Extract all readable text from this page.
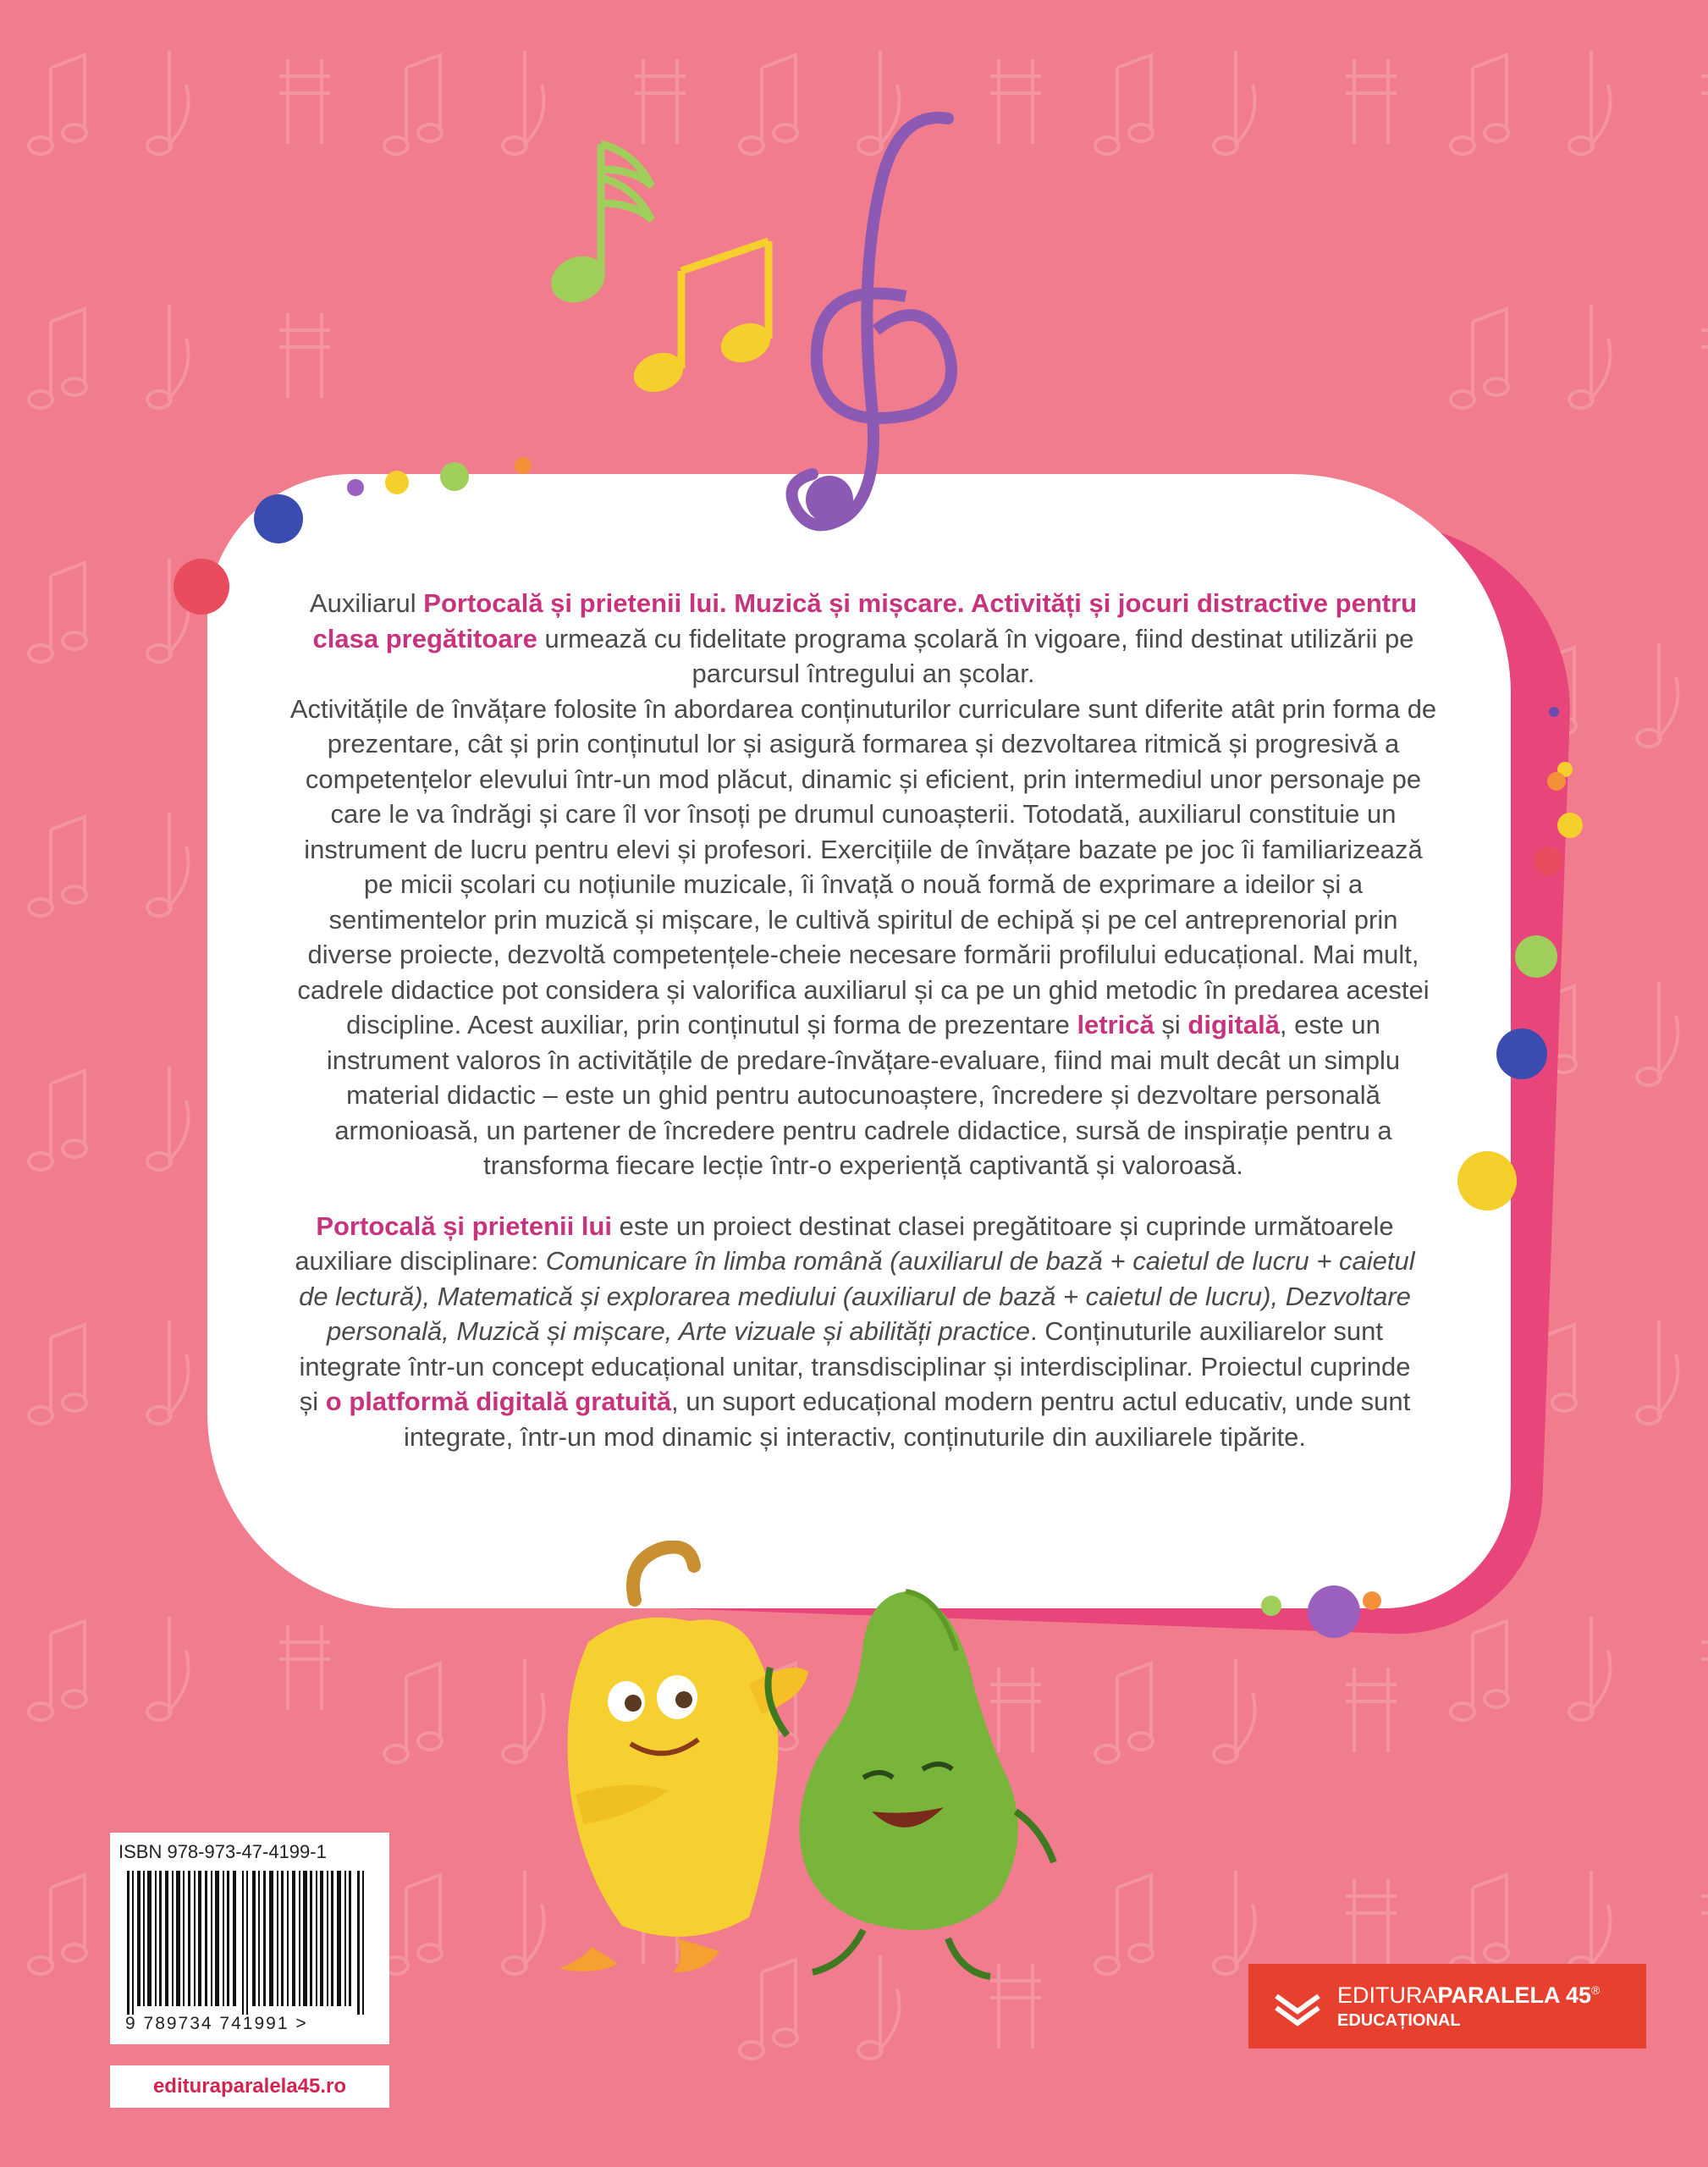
Auxiliarul Portocală și prietenii lui. Muzică și mișcare. Activități și jocuri distractive pentru clasa pregătitoare urmează cu fidelitate programa școlară în vigoare, fiind destinat utilizării pe parcursul întregului an școlar.
Activitățile de învățare folosite în abordarea conținuturilor curriculare sunt diferite atât prin forma de prezentare, cât și prin conținutul lor și asigură formarea și dezvoltarea ritmică și progresivă a competențelor elevului într-un mod plăcut, dinamic și eficient, prin intermediul unor personaje pe care le va îndrăgi și care îl vor însoți pe drumul cunoașterii. Totodată, auxiliarul constituie un instrument de lucru pentru elevi și profesori. Exercițiile de învățare bazate pe joc îi familiarizează pe micii școlari cu noțiunile muzicale, îi învață o nouă formă de exprimare a ideilor și a sentimentelor prin muzică și mișcare, le cultivă spiritul de echipă și pe cel antreprenorial prin diverse proiecte, dezvoltă competențele-cheie necesare formării profilului educațional. Mai mult, cadrele didactice pot considera și valorifica auxiliarul și ca pe un ghid metodic în predarea acestei discipline. Acest auxiliar, prin conținutul și forma de prezentare letrică și digitală, este un instrument valoros în activitățile de predare-învățare-evaluare, fiind mai mult decât un simplu material didactic – este un ghid pentru autocunoaștere, încredere și dezvoltare personală armonioasă, un partener de încredere pentru cadrele didactice, sursă de inspirație pentru a transforma fiecare lecție într-o experiență captivantă și valoroasă.

Portocală și prietenii lui este un proiect destinat clasei pregătitoare și cuprinde următoarele auxiliare disciplinare: Comunicare în limba română (auxiliarul de bază + caietul de lucru + caietul de lectură), Matematică și explorarea mediului (auxiliarul de bază + caietul de lucru), Dezvoltare personală, Muzică și mișcare, Arte vizuale și abilități practice. Conținuturile auxiliarelor sunt integrate într-un concept educațional unitar, transdisciplinar și interdisciplinar. Proiectul cuprinde și o platformă digitală gratuită, un suport educațional modern pentru actul educativ, unde sunt integrate, într-un mod dinamic și interactiv, conținuturile din auxiliarele tipărite.

ISBN 978-973-47-4199-1
9 789734 741991 >
edituraparalela45.ro
EDITURAPARALELA 45®
EDUCAȚIONAL
